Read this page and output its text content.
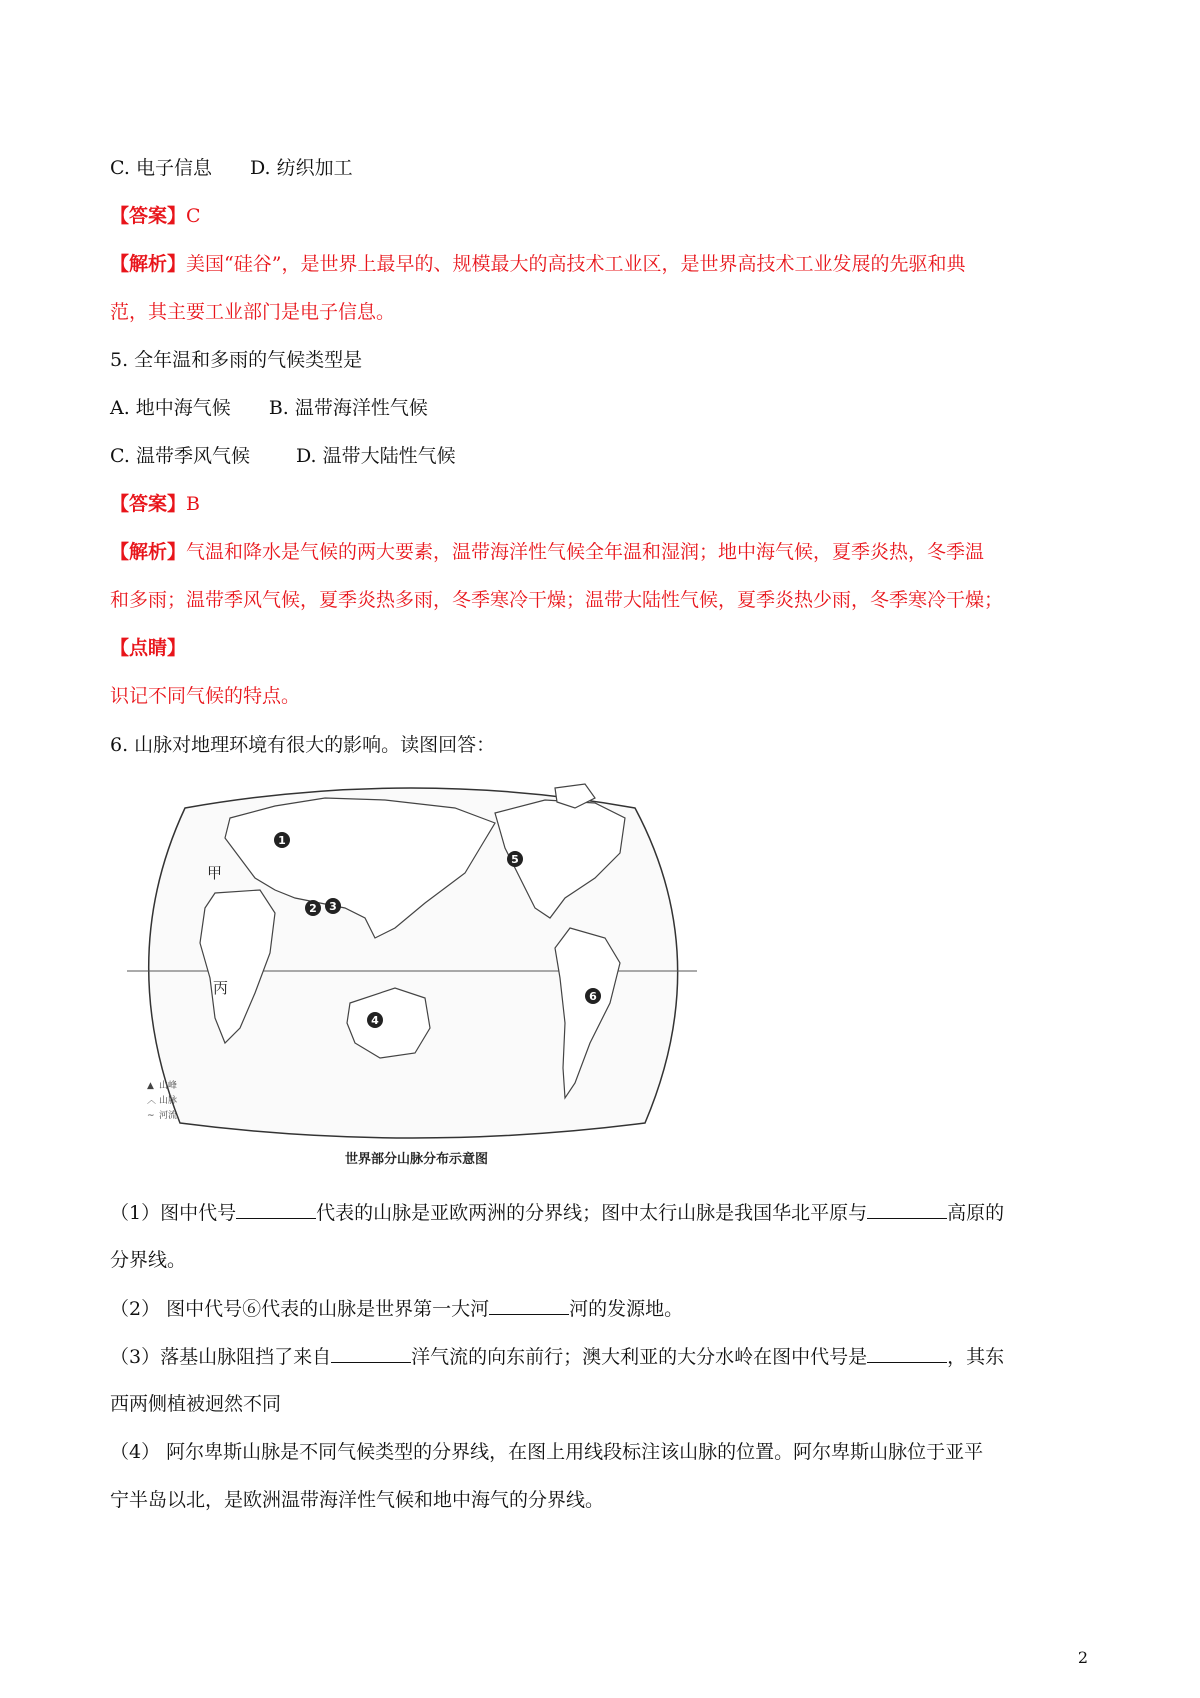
C. 电子信息 D. 纺织加工
【答案】C
【解析】美国“硅谷”，是世界上最早的、规模最大的高技术工业区，是世界高技术工业发展的先驱和典
范，其主要工业部门是电子信息。
5. 全年温和多雨的气候类型是
A. 地中海气候 B. 温带海洋性气候
C. 温带季风气候 D. 温带大陆性气候
【答案】B
【解析】气温和降水是气候的两大要素，温带海洋性气候全年温和湿润；地中海气候，夏季炎热，冬季温
和多雨；温带季风气候，夏季炎热多雨，冬季寒冷干燥；温带大陆性气候，夏季炎热少雨，冬季寒冷干燥；
【点睛】
识记不同气候的特点。
6. 山脉对地理环境有很大的影响。读图回答：
1
2 3
4
5
6
甲
丙
▲ 山峰
︿ 山脉
~ 河流
世界部分山脉分布示意图
（1）图中代号	代表的山脉是亚欧两洲的分界线；图中太行山脉是我国华北平原与	高原的
分界线。
（2） 图中代号⑥代表的山脉是世界第一大河	河的发源地。
（3）落基山脉阻挡了来自	洋气流的向东前行；澳大利亚的大分水岭在图中代号是	，其东
西两侧植被迥然不同
（4） 阿尔卑斯山脉是不同气候类型的分界线，在图上用线段标注该山脉的位置。阿尔卑斯山脉位于亚平
宁半岛以北，是欧洲温带海洋性气候和地中海气的分界线。
2
